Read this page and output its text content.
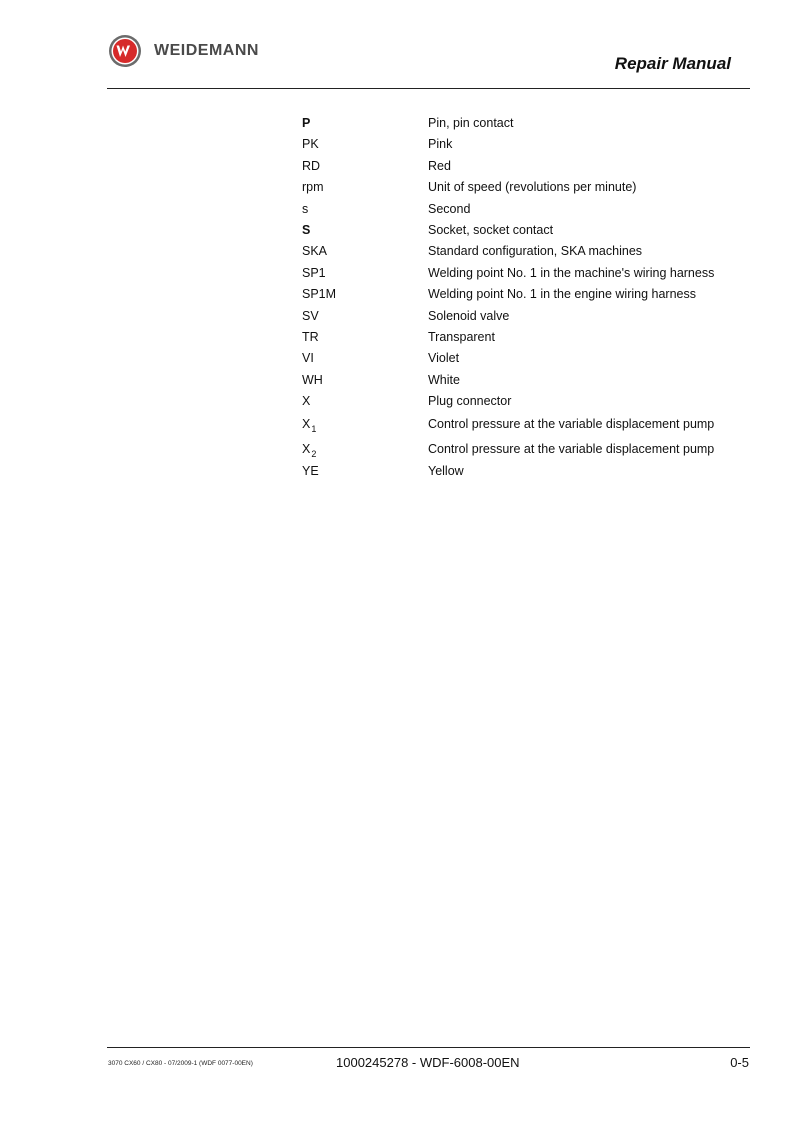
WEIDEMANN
Repair Manual
P	Pin, pin contact
PK	Pink
RD	Red
rpm	Unit of speed (revolutions per minute)
s	Second
S	Socket, socket contact
SKA	Standard configuration, SKA machines
SP1	Welding point No. 1 in the machine's wiring harness
SP1M	Welding point No. 1 in the engine wiring harness
SV	Solenoid valve
TR	Transparent
VI	Violet
WH	White
X	Plug connector
$X_1$	Control pressure at the variable displacement pump
$X_2$	Control pressure at the variable displacement pump
YE	Yellow
3070 CX60 / CX80 - 07/2009-1 (WDF 0077-00EN)	1000245278 - WDF-6008-00EN	0-5
